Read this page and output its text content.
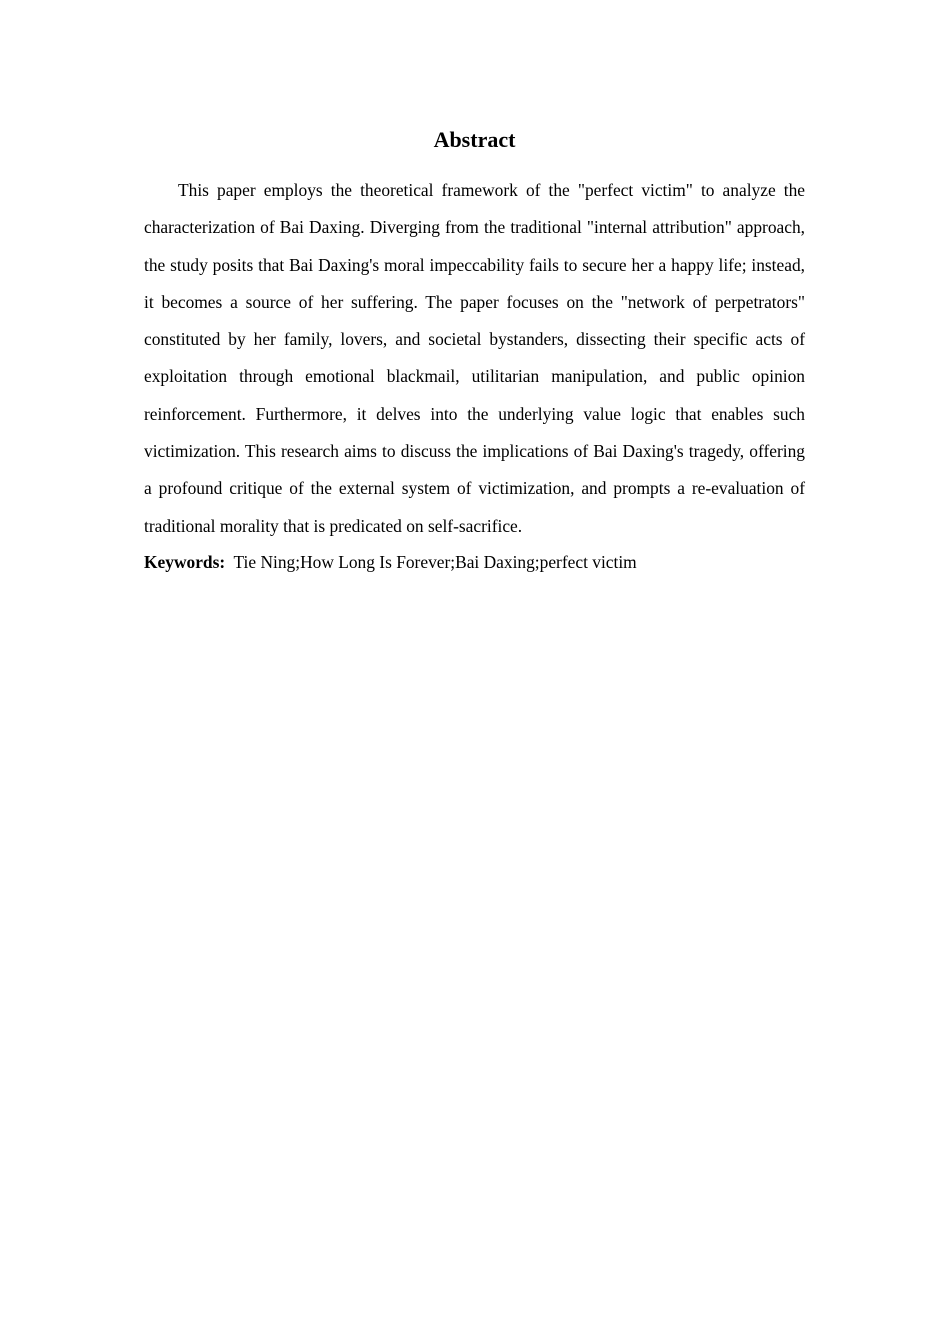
Abstract

This paper employs the theoretical framework of the "perfect victim" to analyze the characterization of Bai Daxing. Diverging from the traditional "internal attribution" approach, the study posits that Bai Daxing's moral impeccability fails to secure her a happy life; instead, it becomes a source of her suffering. The paper focuses on the "network of perpetrators" constituted by her family, lovers, and societal bystanders, dissecting their specific acts of exploitation through emotional blackmail, utilitarian manipulation, and public opinion reinforcement. Furthermore, it delves into the underlying value logic that enables such victimization. This research aims to discuss the implications of Bai Daxing's tragedy, offering a profound critique of the external system of victimization, and prompts a re-evaluation of traditional morality that is predicated on self-sacrifice.

Keywords: Tie Ning;How Long Is Forever;Bai Daxing;perfect victim
